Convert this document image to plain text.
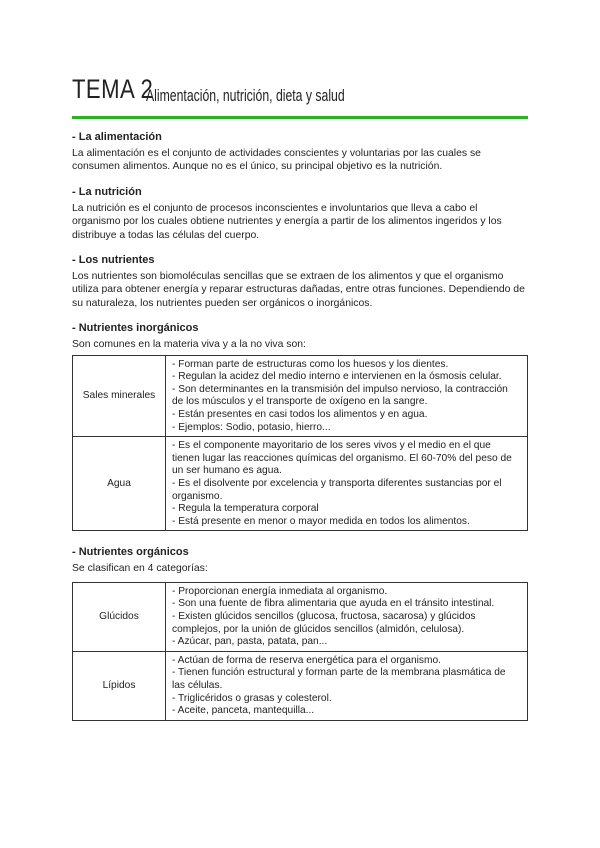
TEMA 2
Alimentación, nutrición, dieta y salud

- La alimentación

La alimentación es el conjunto de actividades conscientes y voluntarias por las cuales se consumen alimentos. Aunque no es el único, su principal objetivo es la nutrición.

- La nutrición

La nutrición es el conjunto de procesos inconscientes e involuntarios que lleva a cabo el organismo por los cuales obtiene nutrientes y energía a partir de los alimentos ingeridos y los distribuye a todas las células del cuerpo.

- Los nutrientes

Los nutrientes son biomoléculas sencillas que se extraen de los alimentos y que el organismo utiliza para obtener energía y reparar estructuras dañadas, entre otras funciones. Dependiendo de su naturaleza, los nutrientes pueden ser orgánicos o inorgánicos.

- Nutrientes inorgánicos

Son comunes en la materia viva y a la no viva son:

Sales minerales	- Forman parte de estructuras como los huesos y los dientes.
- Regulan la acidez del medio interno e intervienen en la ósmosis celular.
- Son determinantes en la transmisión del impulso nervioso, la contracción de los músculos y el transporte de oxígeno en la sangre.
- Están presentes en casi todos los alimentos y en agua.
- Ejemplos: Sodio, potasio, hierro...

Agua	- Es el componente mayoritario de los seres vivos y el medio en el que tienen lugar las reacciones químicas del organismo. El 60-70% del peso de un ser humano es agua.
- Es el disolvente por excelencia y transporta diferentes sustancias por el organismo.
- Regula la temperatura corporal
- Está presente en menor o mayor medida en todos los alimentos.

- Nutrientes orgánicos

Se clasifican en 4 categorías:

Glúcidos	- Proporcionan energía inmediata al organismo.
- Son una fuente de fibra alimentaria que ayuda en el tránsito intestinal.
- Existen glúcidos sencillos (glucosa, fructosa, sacarosa) y glúcidos complejos, por la unión de glúcidos sencillos (almidón, celulosa).
- Azúcar, pan, pasta, patata, pan...

Lípidos	- Actúan de forma de reserva energética para el organismo.
- Tienen función estructural y forman parte de la membrana plasmática de las células.
- Triglicéridos o grasas y colesterol.
- Aceite, panceta, mantequilla...
